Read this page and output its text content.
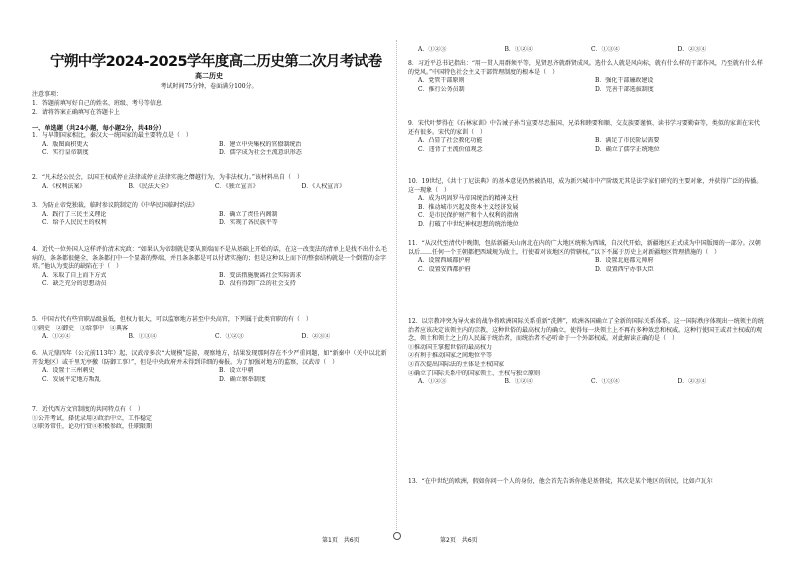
宁朔中学2024-2025学年度高二历史第二次月考试卷
高二历史
考试时间75分钟，卷面满分100分。
注意事项：
1．答题前填写好自己的姓名、班级、考号等信息
2．请将答案正确填写在答题卡上
一、单选题（共24小题，每小题2分，共48分）

1．与早期国家相比，秦汉大一统国家的最主要特点是（　）

A．版图面积更大	B．建立中央集权的官僚制统治
C．实行皇帝制度	D．儒学成为社会主流意识形态

2．“凡未经公民会，以国王权威停止法律或停止法律实施之僭越行为，为非法权力。”该材料出自（　）

A．《权利法案》	B．《民法大全》	C．《独立宣言》	D．《人权宣言》

3．为防止帝党独裁，临时参议院制定的《中华民国临时约法》

A．践行了三民主义理论	B．确立了责任内阁制
C．给予人民民主的权利	D．实现了各民族平等

4．近代一位外国人这样评价清末宪政：“如果认为帝制就是要从顶端而不是从基础上开始的话，在这一改变法的清单上是找不出什么毛病的，条条都很健全，条条都打中一个显著的弊端，并且条条都是可以付诸实施的；但是这种以上而下的整套结构就是一个倒置的金字塔。”他认为变法的缺陷在于（　）

A．采取了自上而下方式	B．变法措施脱离社会实际需求
C．缺乏充分的思想动员	D．没有得到广泛的社会支持

5．中国古代有些官职品级虽低，但权力很大，可以监察地方甚至中央高官，下列属于此类官职的有（　）

①刺史　②御史　③给事中　④典客
A．①②④	B．①③④	C．①②③	D．②③④

6．从元鼎四年（公元前113年）起，汉武帝多次“大规模”巡游，观察地方，结果发现那阿存在不少严重问题，如“新秦中（关中以北新开发地区）或千里无亭徼（防御工事）”，但是中央政府并未得到详细的奏报。为了加强对地方的监察，汉武帝（　）

A．设置十三州刺史	B．设立中朝
C．发展平定地方叛乱	D．确立察举制度

7．近代西方文官制度的共同特点有（　）

①公开考试，择优录用②政治中立，工作稳定
③职务常任，论功行赏④积极参政，任职限期
A．①②③	B．①②④	C．①③④	D．②③④

8．习近平总书记指出：“用一贯人用群须平等，见贤思齐就群贤成风。选什么人就是风向标，就有什么样的干部作风，乃至就有什么样的党风。”中国特色社会主义干部管理制度的根本是（　）

A．党管干部原则	B．强化干部廉政建设
C．推行公务员制	D．完善干部选拔制度

9．宋代叶梦得在《石林家训》中告诫子孙当宣要尽忠报国、兄弟和睦要和顺、交友族要谨慎、读书学习要勤奋等，类似的家训在宋代还有很多。宋代的家训（　）

A．凸显了社会教化功能	B．满足了市民阶层需要
C．违背了主流价值观念	D．确立了儒学正统地位

10．19世纪，《共十丁尼法典》的基本意见仍然被沿用，成为新兴城市中产阶级无其是法学家们研究的主要对象，并获得广泛的传播。这一现象（　）

A．成为巩固罗马帝国统治的精神支柱
B．推动城市兴起及资本主义经济发展
C．是市民保护财产和个人权利的指南
D．打破了中世纪神权思想的统治地位

11．“从汉代至清代中晚期，包括新疆天山南北在内的广大地区统称为西域，自汉代开始，新疆地区正式成为中国版图的一部分。汉朝以后……任何一个王朝都把西域规为故土，行使着对该地区的管辖权。”以下不属于历史上对新疆地区管理措施的（　）

A．设置西域都护府	B．设置北庭都元帅府
C．设置安西都护府	D．设置西宁办事大臣

12．以宗教冲突为导火索的战争将欧洲国际关系重新“洗牌”，欧洲各国确立了全新的国际关系体系。这一国际秩序体现出一统领主的统治者应该决定该领主内的宗教，这种世俗的最高权力的确立，使得每一块领土上不再有多种效忠和权威。这种行使国王或君主权威的观念，领土和领土之上的人民属于统治者，而统治者不必听命于一个外部权威。对此解读正确的是（　）

①推动国王掌握世俗的最高权力
②有利于推动国家之间地位平等
③首次提出国际法的主体是主权国家
④确立了国际关系中的国家领土、主权与独立原则
A．①②③	B．①②④	C．①③④	D．②③④

13．“在中世纪的欧洲，假如你问一个人的身份，他会首先告诉你他是基督徒，其次是某个地区的居民，比如卢瓦尔

第1页　共6页	第2页　共6页
